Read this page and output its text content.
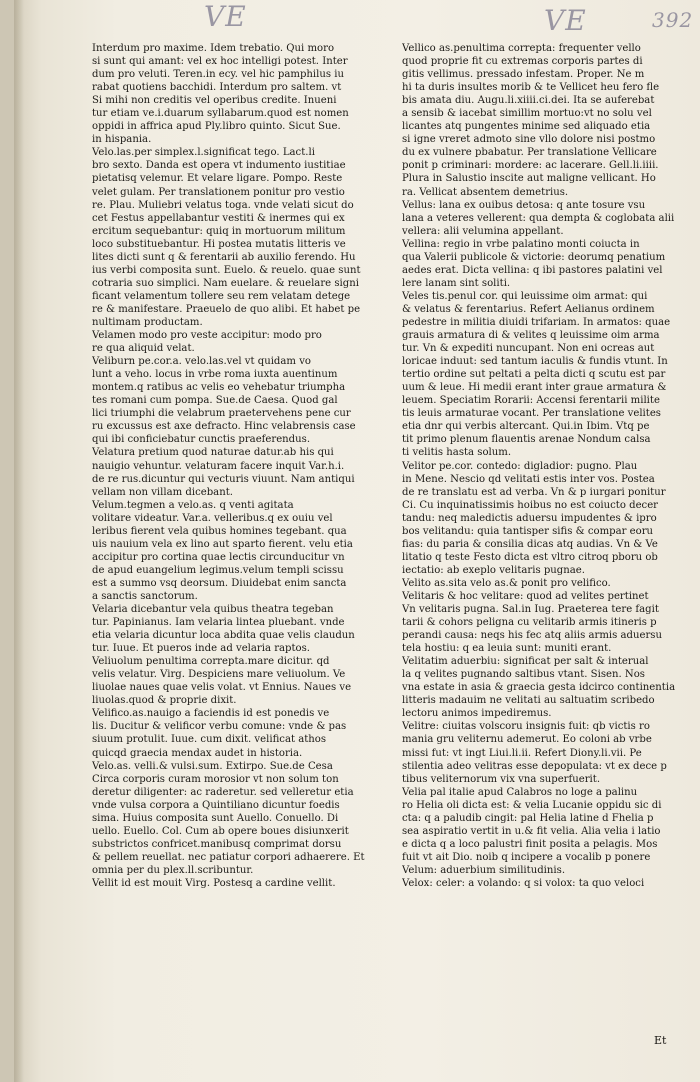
VE	VE	392
Interdum pro maxime. Idem trebatio. Qui moro
si sunt qui amant: vel ex hoc intelligi potest. Inter
dum pro veluti. Teren.in ecy. vel hic pamphilus iu
rabat quotiens bacchidi. Interdum pro saltem. vt
Si mihi non creditis vel operibus credite. Inueni
tur etiam ve.i.duarum syllabarum.quod est nomen
oppidi in affrica apud Ply.libro quinto. Sicut Sue.
in hispania.
Velo.las.per simplex.l.significat tego. Lact.li
bro sexto. Danda est opera vt indumento iustitiae
pietatisq velemur. Et velare ligare. Pompo. Reste
velet gulam. Per translationem ponitur pro vestio
re. Plau. Muliebri velatus toga. vnde velati sicut do
cet Festus appellabantur vestiti & inermes qui ex
ercitum sequebantur: quiq in mortuorum militum
loco substituebantur. Hi postea mutatis litteris ve
lites dicti sunt q & ferentarii ab auxilio ferendo. Hu
ius verbi composita sunt. Euelo. & reuelo. quae sunt
cotraria suo simplici. Nam euelare. & reuelare signi
ficant velamentum tollere seu rem velatam detege
re & manifestare. Praeuelo de quo alibi. Et habet pe
nultimam productam.
Velamen modo pro veste accipitur: modo pro
re qua aliquid velat.
Veliburn pe.cor.a. velo.las.vel vt quidam vo
lunt a veho. locus in vrbe roma iuxta auentinum
montem.q ratibus ac velis eo vehebatur triumpha
tes romani cum pompa. Sue.de Caesa. Quod gal
lici triumphi die velabrum praetervehens pene cur
ru excussus est axe defracto. Hinc velabrensis case
qui ibi conficiebatur cunctis praeferendus.
Velatura pretium quod naturae datur.ab his qui
nauigio vehuntur. velaturam facere inquit Var.h.i.
de re rus.dicuntur qui vecturis viuunt. Nam antiqui
vellam non villam dicebant.
Velum.tegmen a velo.as. q venti agitata
volitare videatur. Var.a. velleribus.q ex ouiu vel
leribus fierent vela quibus homines tegebant. qua
uis nauium vela ex lino aut sparto fierent. velu etia
accipitur pro cortina quae lectis circunducitur vn
de apud euangelium legimus.velum templi scissu
est a summo vsq deorsum. Diuidebat enim sancta
a sanctis sanctorum.
Velaria dicebantur vela quibus theatra tegeban
tur. Papinianus. Iam velaria lintea pluebant. vnde
etia velaria dicuntur loca abdita quae velis claudun
tur. Iuue. Et pueros inde ad velaria raptos.
Veliuolum penultima correpta.mare dicitur. qd
velis velatur. Virg. Despiciens mare veliuolum. Ve
liuolae naues quae velis volat. vt Ennius. Naues ve
liuolas.quod & proprie dixit.
Velifico.as.nauigo a faciendis id est ponedis ve
lis. Ducitur & velificor verbu comune: vnde & pas
siuum protulit. Iuue. cum dixit. velificat athos
quicqd graecia mendax audet in historia.
Velo.as. velli.& vulsi.sum. Extirpo. Sue.de Cesa
Circa corporis curam morosior vt non solum ton
deretur diligenter: ac raderetur. sed velleretur etia
vnde vulsa corpora a Quintiliano dicuntur foedis
sima. Huius composita sunt Auello. Conuello. Di
uello. Euello. Col. Cum ab opere boues disiunxerit
substrictos confricet.manibusq comprimat dorsu
& pellem reuellat. nec patiatur corpori adhaerere. Et
omnia per du plex.ll.scribuntur.
Vellit id est mouit Virg. Postesq a cardine vellit.
Vellico as.penultima correpta: frequenter vello
quod proprie fit cu extremas corporis partes di
gitis vellimus. pressado infestam. Proper. Ne m
hi ta duris insultes morib & te Vellicet heu fero fle
bis amata diu. Augu.li.xiiii.ci.dei. Ita se auferebat
a sensib & iacebat simillim mortuo:vt no solu vel
licantes atq pungentes minime sed aliquado etia
si igne vreret admoto sine vllo dolore nisi postmo
du ex vulnere pbabatur. Per translatione Vellicare
ponit p criminari: mordere: ac lacerare. Gell.li.iiii.
Plura in Salustio inscite aut maligne vellicant. Ho
ra. Vellicat absentem demetrius.
Vellus: lana ex ouibus detosa: q ante tosure vsu
lana a veteres vellerent: qua dempta & coglobata alii
vellera: alii velumina appellant.
Vellina: regio in vrbe palatino monti coiucta in
qua Valerii publicole & victorie: deorumq penatium
aedes erat. Dicta vellina: q ibi pastores palatini vel
lere lanam sint soliti.
Veles tis.penul cor. qui leuissime oim armat: qui
& velatus & ferentarius. Refert Aelianus ordinem
pedestre in militia diuidi trifariam. In armatos: quae
grauis armatura di & velites q leuissime oim arma
tur. Vn & expediti nuncupant. Non eni ocreas aut
loricae induut: sed tantum iaculis & fundis vtunt. In
tertio ordine sut peltati a pelta dicti q scutu est par
uum & leue. Hi medii erant inter graue armatura &
leuem. Speciatim Rorarii: Accensi ferentarii milite
tis leuis armaturae vocant. Per translatione velites
etia dnr qui verbis altercant. Qui.in Ibim. Vtq pe
tit primo plenum flauentis arenae Nondum calsa
ti velitis hasta solum.
Velitor pe.cor. contedo: digladior: pugno. Plau
in Mene. Nescio qd velitati estis inter vos. Postea
de re translatu est ad verba. Vn & p iurgari ponitur
Ci. Cu inquinatissimis hoibus no est coiucto decer
tandu: neq maledictis aduersu impudentes & ipro
bos velitandu: quia tantisper sifis & compar eoru
fias: du paria & consilia dicas atq audias. Vn & Ve
litatio q teste Festo dicta est vltro citroq pboru ob
iectatio: ab exeplo velitaris pugnae.
Velito as.sita velo as.& ponit pro velifico.
Velitaris & hoc velitare: quod ad velites pertinet
Vn velitaris pugna. Sal.in Iug. Praeterea tere fagit
tarii & cohors peligna cu velitarib armis itineris p
perandi causa: neqs his fec atq aliis armis aduersu
tela hostiu: q ea leuia sunt: muniti erant.
Velitatim aduerbiu: significat per salt & interual
la q velites pugnando saltibus vtant. Sisen. Nos
vna estate in asia & graecia gesta idcirco continentia
litteris madauim ne velitati au saltuatim scribedo
lectoru animos impediremus.
Velitre: ciuitas volscoru insignis fuit: qb victis ro
mania gru veliternu ademerut. Eo coloni ab vrbe
missi fut: vt ingt Liui.li.ii. Refert Diony.li.vii. Pe
stilentia adeo velitras esse depopulata: vt ex dece p
tibus veliternorum vix vna superfuerit.
Velia pal italie apud Calabros no loge a palinu
ro Helia oli dicta est: & velia Lucanie oppidu sic di
cta: q a paludib cingit: pal Helia latine d Fhelia p
sea aspiratio vertit in u.& fit velia. Alia velia i latio
e dicta q a loco palustri finit posita a pelagis. Mos
fuit vt ait Dio. noib q incipere a vocalib p ponere
Velum: aduerbium similitudinis.
Velox: celer: a volando: q si volox: ta quo veloci
Et
